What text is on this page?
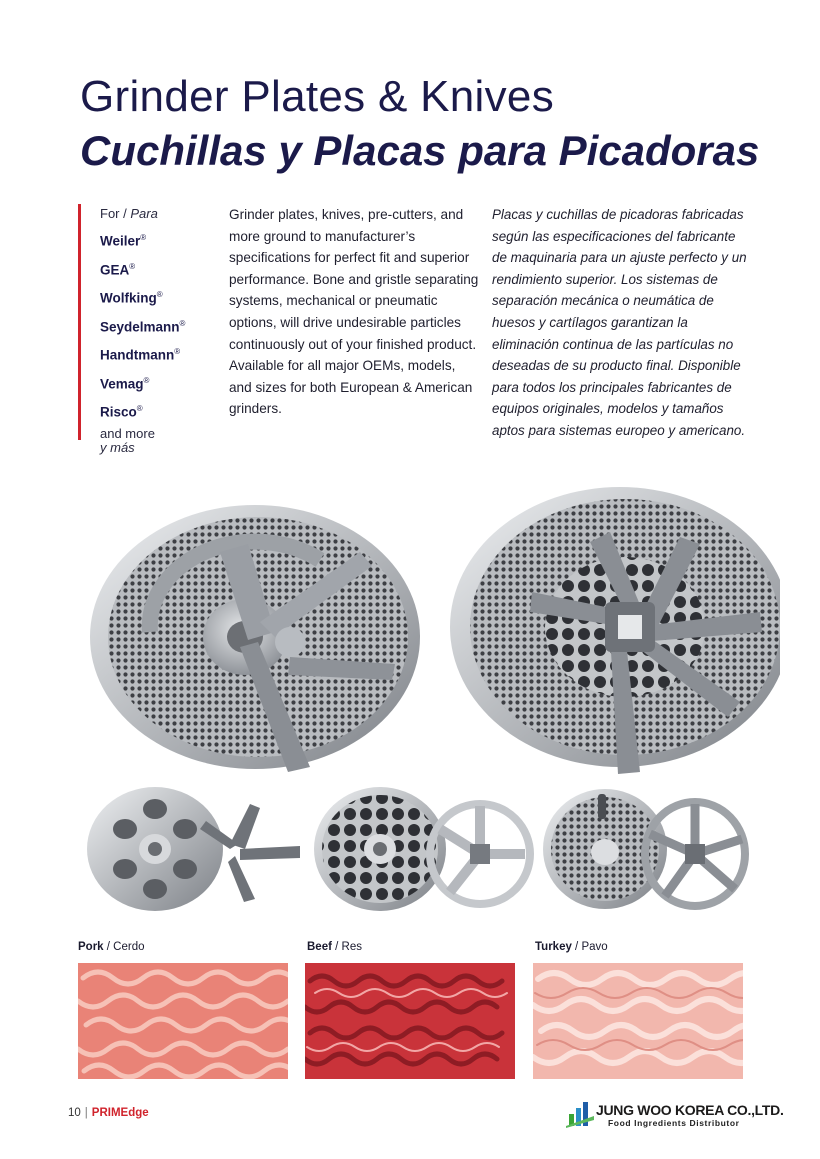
Grinder Plates & Knives
Cuchillas y Placas para Picadoras
For / Para
Weiler®
GEA®
Wolfking®
Seydelmann®
Handtmann®
Vemag®
Risco®
and more
y más

Grinder plates, knives, pre-cutters, and more ground to manufacturer’s specifications for perfect fit and superior performance. Bone and gristle separating systems, mechanical or pneumatic options, will drive undesirable particles continuously out of your finished product. Available for all major OEMs, models, and sizes for both European & American grinders.

Placas y cuchillas de picadoras fabricadas según las especificaciones del fabricante de maquinaria para un ajuste perfecto y un rendimiento superior. Los sistemas de separación mecánica o neumática de huesos y cartílagos garantizan la eliminación continua de las partículas no deseadas de su producto final. Disponible para todos los principales fabricantes de equipos originales, modelos y tamaños aptos para sistemas europeo y americano.

Pork / Cerdo	Beef / Res	Turkey / Pavo
10 | PRIMEdge	JUNG WOO KOREA CO.,LTD.
Food Ingredients Distributor
